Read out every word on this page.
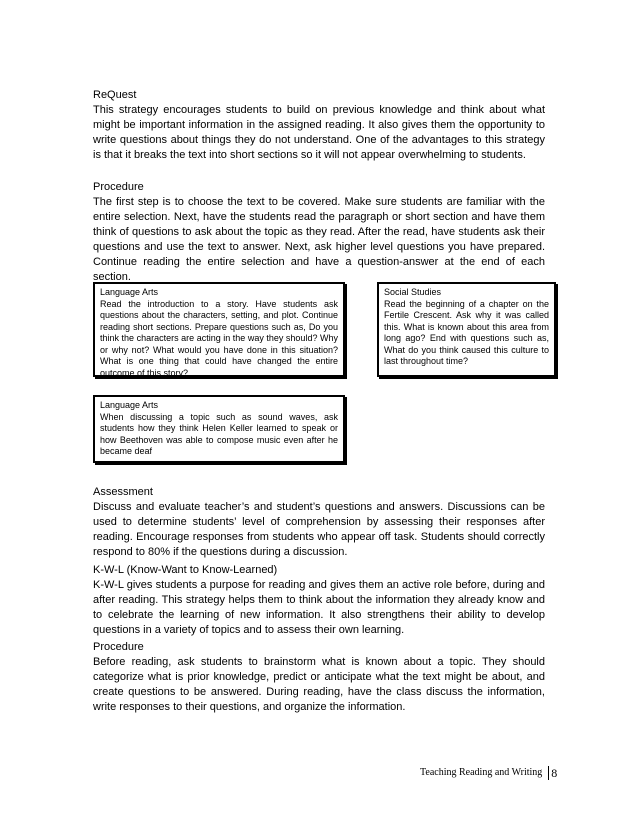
ReQuest

This strategy encourages students to build on previous knowledge and think about what might be important information in the assigned reading. It also gives them the opportunity to write questions about things they do not understand. One of the advantages to this strategy is that it breaks the text into short sections so it will not appear overwhelming to students.

Procedure

The first step is to choose the text to be covered. Make sure students are familiar with the entire selection. Next, have the students read the paragraph or short section and have them think of questions to ask about the topic as they read. After the read, have students ask their questions and use the text to answer. Next, ask higher level questions you have prepared. Continue reading the entire selection and have a question-answer at the end of each section.

Language Arts

Read the introduction to a story. Have students ask questions about the characters, setting, and plot. Continue reading short sections. Prepare questions such as, Do you think the characters are acting in the way they should? Why or why not? What would you have done in this situation? What is one thing that could have changed the entire outcome of this story?

Social Studies

Read the beginning of a chapter on the Fertile Crescent. Ask why it was called this. What is known about this area from long ago? End with questions such as, What do you think caused this culture to last throughout time?

Language Arts

When discussing a topic such as sound waves, ask students how they think Helen Keller learned to speak or how Beethoven was able to compose music even after he became deaf

Assessment

Discuss and evaluate teacher’s and student’s questions and answers. Discussions can be used to determine students’ level of comprehension by assessing their responses after reading. Encourage responses from students who appear off task. Students should correctly respond to 80% if the questions during a discussion.

K-W-L (Know-Want to Know-Learned)

K-W-L gives students a purpose for reading and gives them an active role before, during and after reading. This strategy helps them to think about the information they already know and to celebrate the learning of new information. It also strengthens their ability to develop questions in a variety of topics and to assess their own learning.

Procedure

Before reading, ask students to brainstorm what is known about a topic. They should categorize what is prior knowledge, predict or anticipate what the text might be about, and create questions to be answered. During reading, have the class discuss the information, write responses to their questions, and organize the information.

Teaching Reading and Writing 8
